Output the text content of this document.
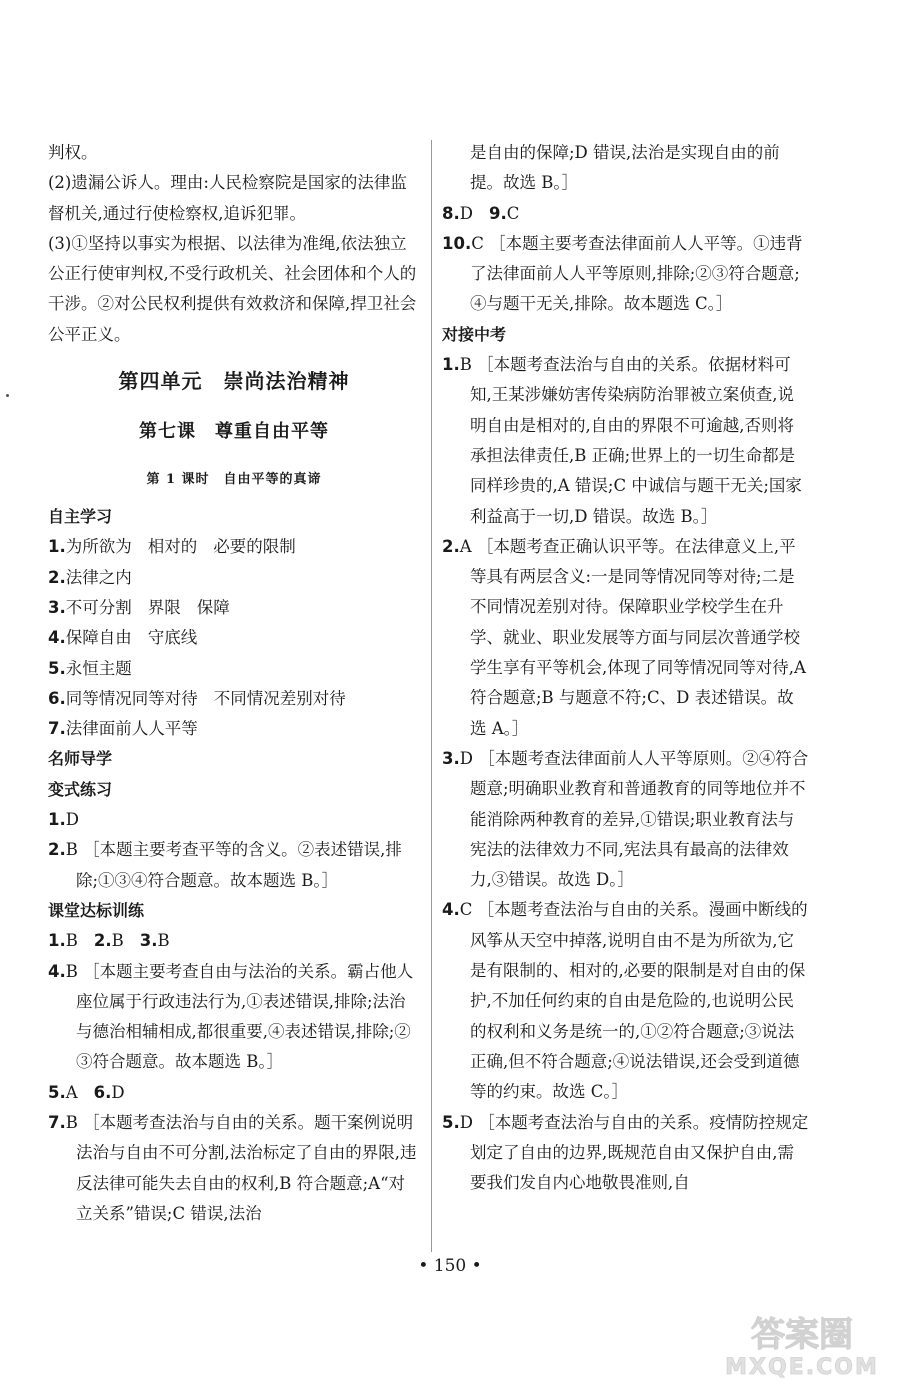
判权。

(2)遗漏公诉人。理由:人民检察院是国家的法律监督机关,通过行使检察权,追诉犯罪。

(3)①坚持以事实为根据、以法律为准绳,依法独立公正行使审判权,不受行政机关、社会团体和个人的干涉。②对公民权利提供有效救济和保障,捍卫社会公平正义。

第四单元　崇尚法治精神

第七课　尊重自由平等

第 1 课时　自由平等的真谛

自主学习

1.为所欲为 相对的 必要的限制

2.法律之内

3.不可分割 界限 保障

4.保障自由 守底线

5.永恒主题

6.同等情况同等对待 不同情况差别对待

7.法律面前人人平等

名师导学

变式练习

1.D

2.B ［本题主要考查平等的含义。②表述错误,排除;①③④符合题意。故本题选 B。］

课堂达标训练

1.B 2.B 3.B

4.B ［本题主要考查自由与法治的关系。霸占他人座位属于行政违法行为,①表述错误,排除;法治与德治相辅相成,都很重要,④表述错误,排除;②③符合题意。故本题选 B。］

5.A 6.D

7.B ［本题考查法治与自由的关系。题干案例说明法治与自由不可分割,法治标定了自由的界限,违反法律可能失去自由的权利,B 符合题意;A“对立关系”错误;C 错误,法治

是自由的保障;D 错误,法治是实现自由的前提。故选 B。］

8.D 9.C

10.C ［本题主要考查法律面前人人平等。①违背了法律面前人人平等原则,排除;②③符合题意;④与题干无关,排除。故本题选 C。］

对接中考

1.B ［本题考查法治与自由的关系。依据材料可知,王某涉嫌妨害传染病防治罪被立案侦查,说明自由是相对的,自由的界限不可逾越,否则将承担法律责任,B 正确;世界上的一切生命都是同样珍贵的,A 错误;C 中诚信与题干无关;国家利益高于一切,D 错误。故选 B。］

2.A ［本题考查正确认识平等。在法律意义上,平等具有两层含义:一是同等情况同等对待;二是不同情况差别对待。保障职业学校学生在升学、就业、职业发展等方面与同层次普通学校学生享有平等机会,体现了同等情况同等对待,A 符合题意;B 与题意不符;C、D 表述错误。故选 A。］

3.D ［本题考查法律面前人人平等原则。②④符合题意;明确职业教育和普通教育的同等地位并不能消除两种教育的差异,①错误;职业教育法与宪法的法律效力不同,宪法具有最高的法律效力,③错误。故选 D。］

4.C ［本题考查法治与自由的关系。漫画中断线的风筝从天空中掉落,说明自由不是为所欲为,它是有限制的、相对的,必要的限制是对自由的保护,不加任何约束的自由是危险的,也说明公民的权利和义务是统一的,①②符合题意;③说法正确,但不符合题意;④说法错误,还会受到道德等的约束。故选 C。］

5.D ［本题考查法治与自由的关系。疫情防控规定划定了自由的边界,既规范自由又保护自由,需要我们发自内心地敬畏准则,自

• 150 •
答案圈
MXQE.COM
